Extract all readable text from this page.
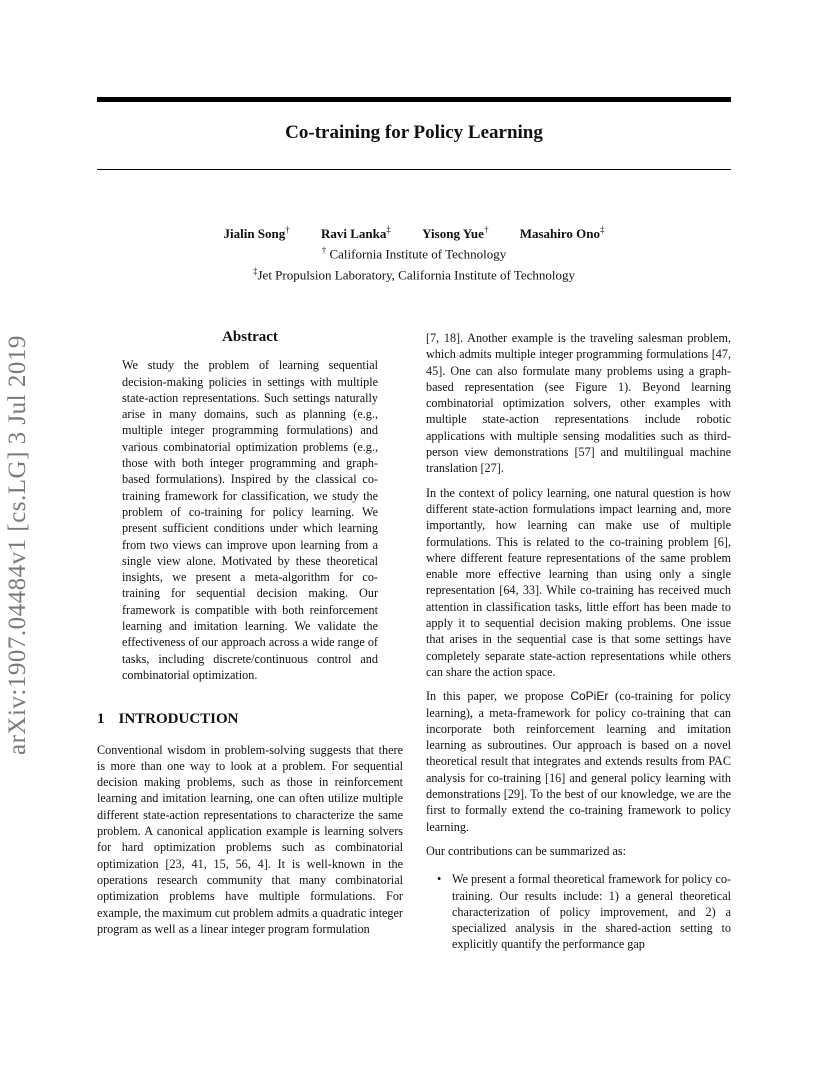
Co-training for Policy Learning
Jialin Song† Ravi Lanka‡ Yisong Yue† Masahiro Ono‡
† California Institute of Technology
‡Jet Propulsion Laboratory, California Institute of Technology
arXiv:1907.04484v1 [cs.LG] 3 Jul 2019	Abstract

We study the problem of learning sequential decision-making policies in settings with multiple state-action representations. Such settings naturally arise in many domains, such as planning (e.g., multiple integer programming formulations) and various combinatorial optimization problems (e.g., those with both integer programming and graph-based formulations). Inspired by the classical co-training framework for classification, we study the problem of co-training for policy learning. We present sufficient conditions under which learning from two views can improve upon learning from a single view alone. Motivated by these theoretical insights, we present a meta-algorithm for co-training for sequential decision making. Our framework is compatible with both reinforcement learning and imitation learning. We validate the effectiveness of our approach across a wide range of tasks, including discrete/continuous control and combinatorial optimization.

1 INTRODUCTION

Conventional wisdom in problem-solving suggests that there is more than one way to look at a problem. For sequential decision making problems, such as those in reinforcement learning and imitation learning, one can often utilize multiple different state-action representations to characterize the same problem. A canonical application example is learning solvers for hard optimization problems such as combinatorial optimization [23, 41, 15, 56, 4]. It is well-known in the operations research community that many combinatorial optimization problems have multiple formulations. For example, the maximum cut problem admits a quadratic integer program as well as a linear integer program formulation

[7, 18]. Another example is the traveling salesman problem, which admits multiple integer programming formulations [47, 45]. One can also formulate many problems using a graph-based representation (see Figure 1). Beyond learning combinatorial optimization solvers, other examples with multiple state-action representations include robotic applications with multiple sensing modalities such as third-person view demonstrations [57] and multilingual machine translation [27].

In the context of policy learning, one natural question is how different state-action formulations impact learning and, more importantly, how learning can make use of multiple formulations. This is related to the co-training problem [6], where different feature representations of the same problem enable more effective learning than using only a single representation [64, 33]. While co-training has received much attention in classification tasks, little effort has been made to apply it to sequential decision making problems. One issue that arises in the sequential case is that some settings have completely separate state-action representations while others can share the action space.

In this paper, we propose CoPiEr (co-training for policy learning), a meta-framework for policy co-training that can incorporate both reinforcement learning and imitation learning as subroutines. Our approach is based on a novel theoretical result that integrates and extends results from PAC analysis for co-training [16] and general policy learning with demonstrations [29]. To the best of our knowledge, we are the first to formally extend the co-training framework to policy learning.

Our contributions can be summarized as:

• We present a formal theoretical framework for policy co-training. Our results include: 1) a general theoretical characterization of policy improvement, and 2) a specialized analysis in the shared-action setting to explicitly quantify the performance gap
